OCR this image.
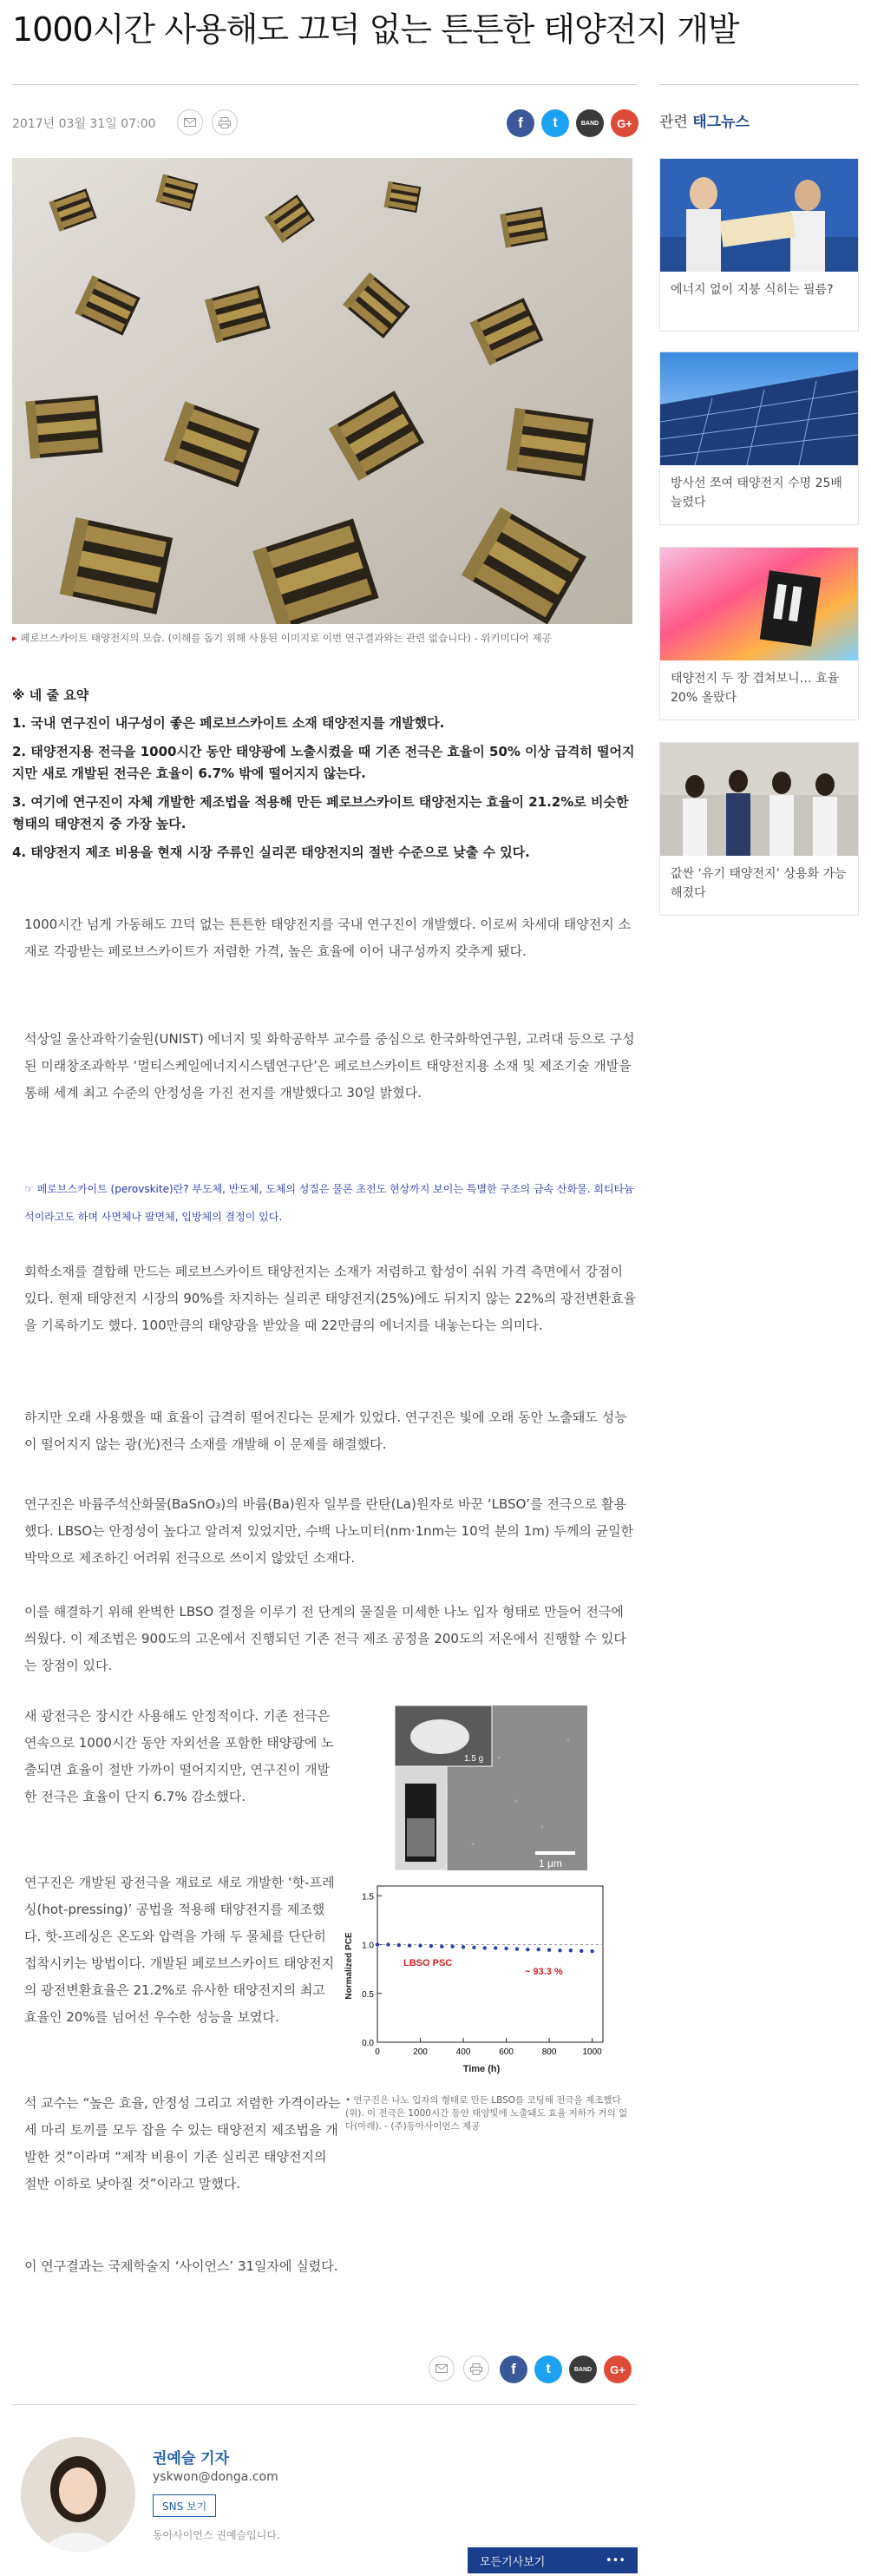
1000시간 사용해도 끄덕 없는 튼튼한 태양전지 개발
2017년 03월 31일 07:00	f t	BAND G+
▸ 페로브스카이트 태양전지의 모습. (이해를 돕기 위해 사용된 이미지로 이번 연구결과와는 관련 없습니다) - 위키미디어 제공
※ 네 줄 요약
1. 국내 연구진이 내구성이 좋은 페로브스카이트 소재 태양전지를 개발했다.
2. 태양전지용 전극을 1000시간 동안 태양광에 노출시켰을 때 기존 전극은 효율이 50% 이상 급격히 떨어지지만 새로 개발된 전극은 효율이 6.7% 밖에 떨어지지 않는다.
3. 여기에 연구진이 자체 개발한 제조법을 적용해 만든 페로브스카이트 태양전지는 효율이 21.2%로 비슷한 형태의 태양전지 중 가장 높다.
4. 태양전지 제조 비용을 현재 시장 주류인 실리콘 태양전지의 절반 수준으로 낮출 수 있다.

1000시간 넘게 가동해도 끄덕 없는 튼튼한 태양전지를 국내 연구진이 개발했다. 이로써 차세대 태양전지 소재로 각광받는 페로브스카이트가 저렴한 가격, 높은 효율에 이어 내구성까지 갖추게 됐다.

석상일 울산과학기술원(UNIST) 에너지 및 화학공학부 교수를 중심으로 한국화학연구원, 고려대 등으로 구성된 미래창조과학부 ‘멀티스케일에너지시스템연구단’은 페로브스카이트 태양전지용 소재 및 제조기술 개발을 통해 세계 최고 수준의 안정성을 가진 전지를 개발했다고 30일 밝혔다.

☞ 페로브스카이트 (perovskite)란? 부도체, 반도체, 도체의 성질은 물론 초전도 현상까지 보이는 특별한 구조의 금속 산화물. 회티타늄석이라고도 하며 사면체나 팔면체, 입방체의 결정이 있다.

회학소재를 결합해 만드는 페로브스카이트 태양전지는 소재가 저렴하고 합성이 쉬워 가격 측면에서 강점이 있다. 현재 태양전지 시장의 90%를 차지하는 실리콘 태양전지(25%)에도 뒤지지 않는 22%의 광전변환효율을 기록하기도 했다. 100만큼의 태양광을 받았을 때 22만큼의 에너지를 내놓는다는 의미다.

하지만 오래 사용했을 때 효율이 급격히 떨어진다는 문제가 있었다. 연구진은 빛에 오래 동안 노출돼도 성능이 떨어지지 않는 광(光)전극 소재를 개발해 이 문제를 해결했다.

연구진은 바륨주석산화물(BaSnO₃)의 바륨(Ba)원자 일부를 란탄(La)원자로 바꾼 ‘LBSO’를 전극으로 활용했다. LBSO는 안정성이 높다고 알려져 있었지만, 수백 나노미터(nm·1nm는 10억 분의 1m) 두께의 균일한 박막으로 제조하긴 어려워 전극으로 쓰이지 않았던 소재다.

이를 해결하기 위해 완벽한 LBSO 결정을 이루기 전 단계의 물질을 미세한 나노 입자 형태로 만들어 전극에 씌웠다. 이 제조법은 900도의 고온에서 진행되던 기존 전극 제조 공정을 200도의 저온에서 진행할 수 있다는 장점이 있다.

새 광전극은 장시간 사용해도 안정적이다. 기존 전극은 연속으로 1000시간 동안 자외선을 포함한 태양광에 노출되면 효율이 절반 가까이 떨어지지만, 연구진이 개발한 전극은 효율이 단지 6.7% 감소했다.

연구진은 개발된 광전극을 재료로 새로 개발한 ‘핫-프레싱(hot-pressing)’ 공법을 적용해 태양전지를 제조했다. 핫-프레싱은 온도와 압력을 가해 두 물체를 단단히 접착시키는 방법이다. 개발된 페로브스카이트 태양전지의 광전변환효율은 21.2%로 유사한 태양전지의 최고 효율인 20%를 넘어선 우수한 성능을 보였다.

석 교수는 “높은 효율, 안정성 그리고 저렴한 가격이라는 세 마리 토끼를 모두 잡을 수 있는 태양전지 제조법을 개발한 것”이라며 “제작 비용이 기존 실리콘 태양전지의 절반 이하로 낮아질 것”이라고 말했다.

이 연구결과는 국제학술지 ‘사이언스’ 31일자에 실렸다.

1.5 g
1 μm
0.0
0.5
1.0
1.5
0	200	400	600	800	1000
LBSO PSC
~ 93.3 %
Time (h)
Normalized PCE
• 연구진은 나노 입자의 형태로 만든 LBSO를 코팅해 전극을 제조했다(위). 이 전극은 1000시간 동안 태양빛에 노출돼도 효율 저하가 거의 없다(아래). - (주)동아사이언스 제공
f t	BAND G+
권예슬 기자
yskwon@donga.com
SNS 보기
동아사이언스 권예슬입니다.
모든기사보기	•••
관련 태그뉴스
에너지 없이 지붕 식히는 필름?
방사선 쪼여 태양전지 수명 25배 늘렸다
태양전지 두 장 겹쳐보니… 효율 20% 올랐다
값싼 ‘유기 태양전지’ 상용화 가능해졌다
